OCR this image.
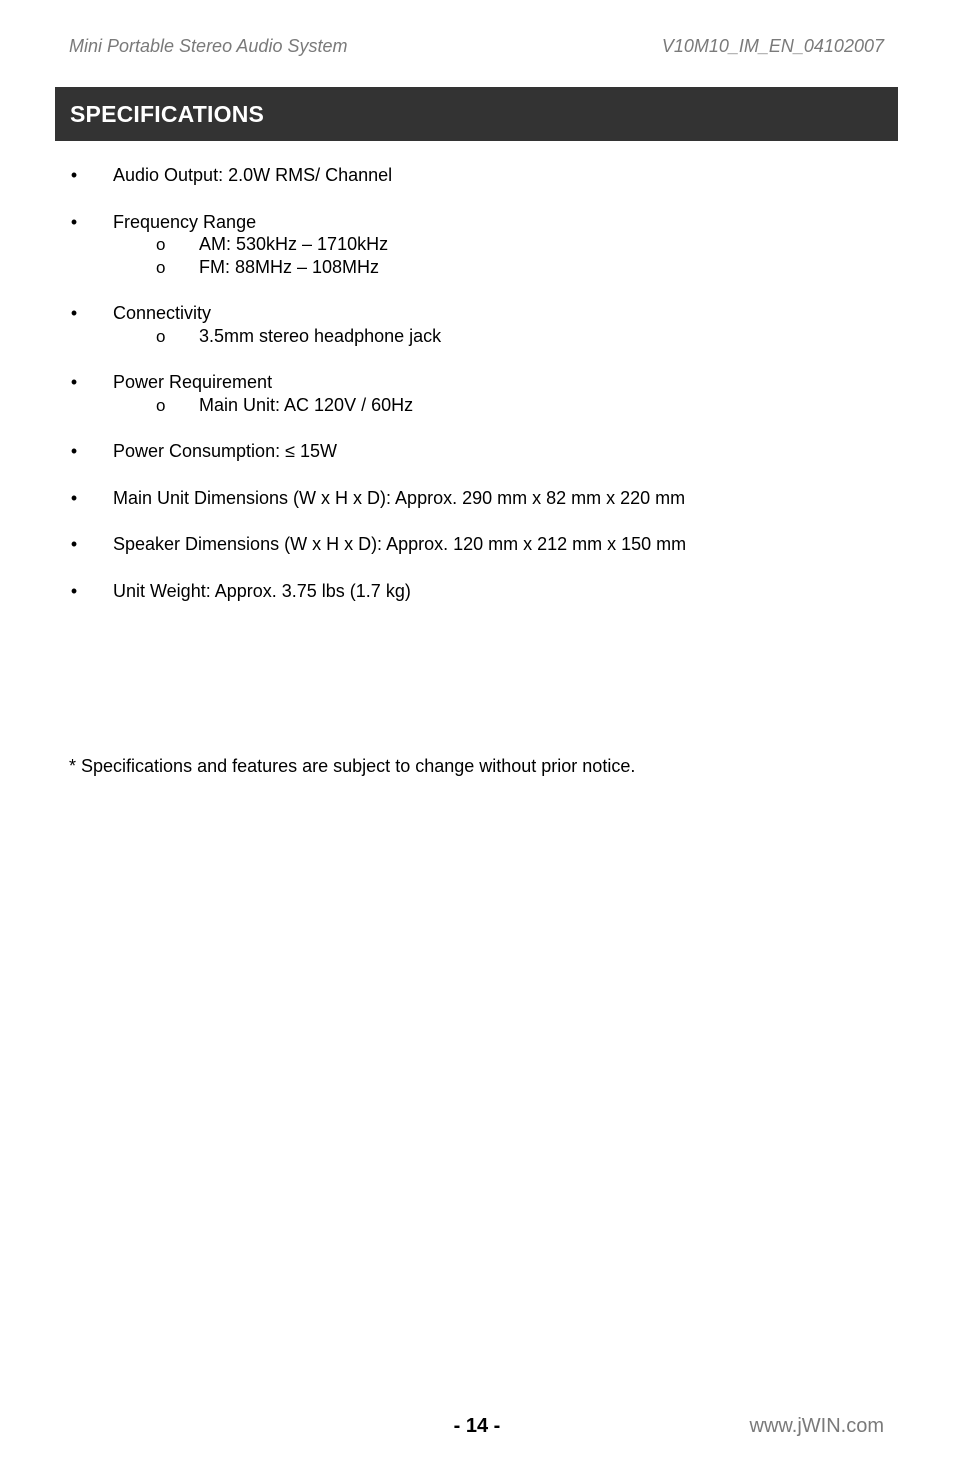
Mini Portable Stereo Audio System	V10M10_IM_EN_04102007
SPECIFICATIONS
• Audio Output: 2.0W RMS/ Channel
• Frequency Range
o AM: 530kHz – 1710kHz
o FM: 88MHz – 108MHz
• Connectivity
o 3.5mm stereo headphone jack
• Power Requirement
o Main Unit: AC 120V / 60Hz
• Power Consumption: ≤ 15W
• Main Unit Dimensions (W x H x D): Approx. 290 mm x 82 mm x 220 mm
• Speaker Dimensions (W x H x D): Approx. 120 mm x 212 mm x 150 mm
• Unit Weight: Approx. 3.75 lbs (1.7 kg)
* Specifications and features are subject to change without prior notice.
- 14 -	www.jWIN.com
